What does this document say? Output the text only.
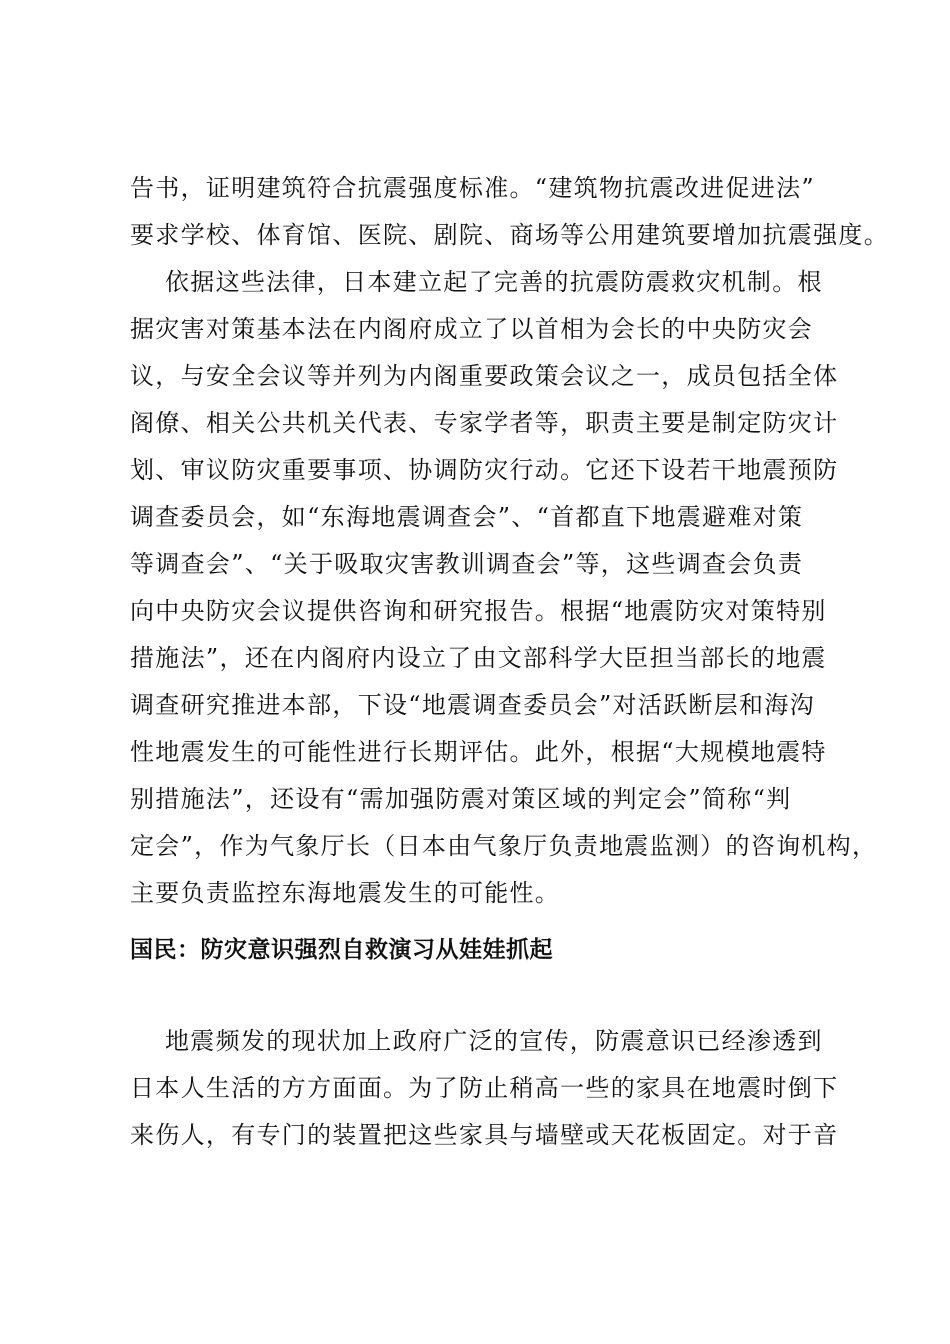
告书，证明建筑符合抗震强度标准。“建筑物抗震改进促进法”
要求学校、体育馆、医院、剧院、商场等公用建筑要增加抗震强度。
依据这些法律，日本建立起了完善的抗震防震救灾机制。根
据灾害对策基本法在内阁府成立了以首相为会长的中央防灾会
议，与安全会议等并列为内阁重要政策会议之一，成员包括全体
阁僚、相关公共机关代表、专家学者等，职责主要是制定防灾计
划、审议防灾重要事项、协调防灾行动。它还下设若干地震预防
调查委员会，如“东海地震调查会”、“首都直下地震避难对策
等调查会”、“关于吸取灾害教训调查会”等，这些调查会负责
向中央防灾会议提供咨询和研究报告。根据“地震防灾对策特别
措施法”，还在内阁府内设立了由文部科学大臣担当部长的地震
调查研究推进本部，下设“地震调查委员会”对活跃断层和海沟
性地震发生的可能性进行长期评估。此外，根据“大规模地震特
别措施法”，还设有“需加强防震对策区域的判定会”简称“判
定会”，作为气象厅长（日本由气象厅负责地震监测）的咨询机构，
主要负责监控东海地震发生的可能性。
国民：防灾意识强烈自救演习从娃娃抓起
地震频发的现状加上政府广泛的宣传，防震意识已经渗透到
日本人生活的方方面面。为了防止稍高一些的家具在地震时倒下
来伤人，有专门的装置把这些家具与墙壁或天花板固定。对于音
